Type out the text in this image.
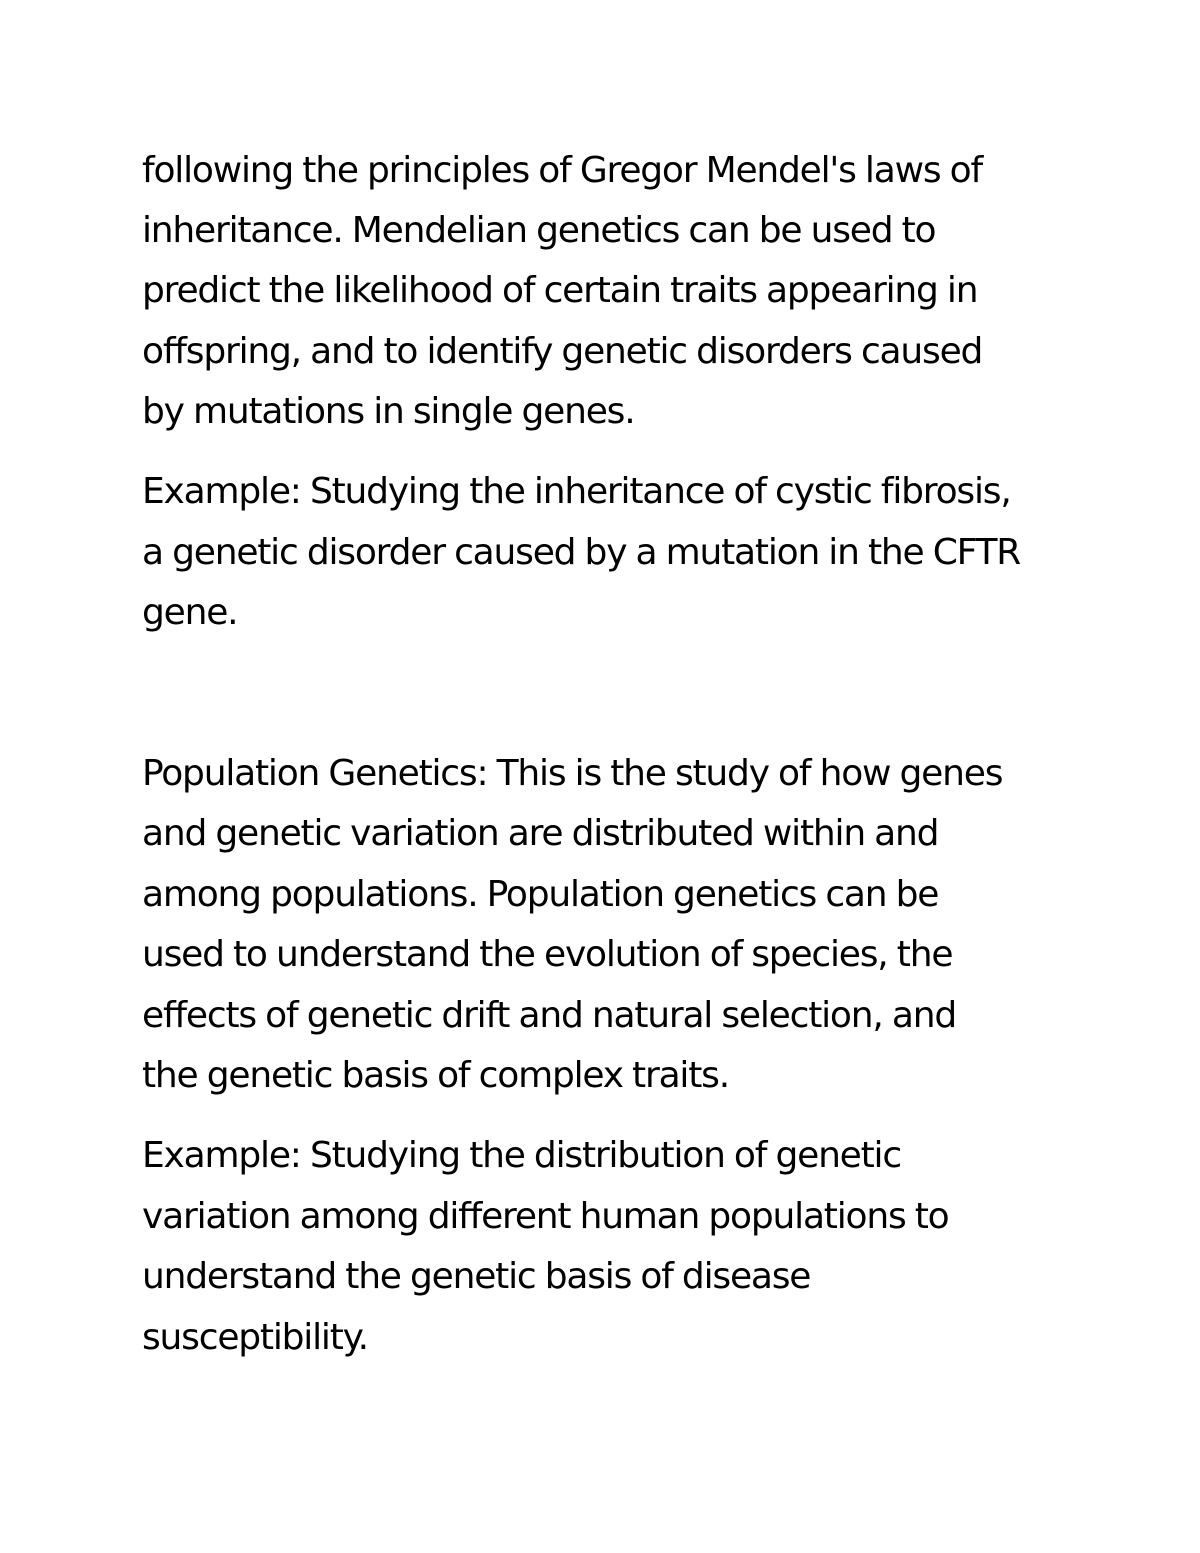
following the principles of Gregor Mendel's laws of

inheritance. Mendelian genetics can be used to

predict the likelihood of certain traits appearing in

offspring, and to identify genetic disorders caused

by mutations in single genes.

Example: Studying the inheritance of cystic fibrosis,

a genetic disorder caused by a mutation in the CFTR

gene.

Population Genetics: This is the study of how genes

and genetic variation are distributed within and

among populations. Population genetics can be

used to understand the evolution of species, the

effects of genetic drift and natural selection, and

the genetic basis of complex traits.

Example: Studying the distribution of genetic

variation among different human populations to

understand the genetic basis of disease

susceptibility.
